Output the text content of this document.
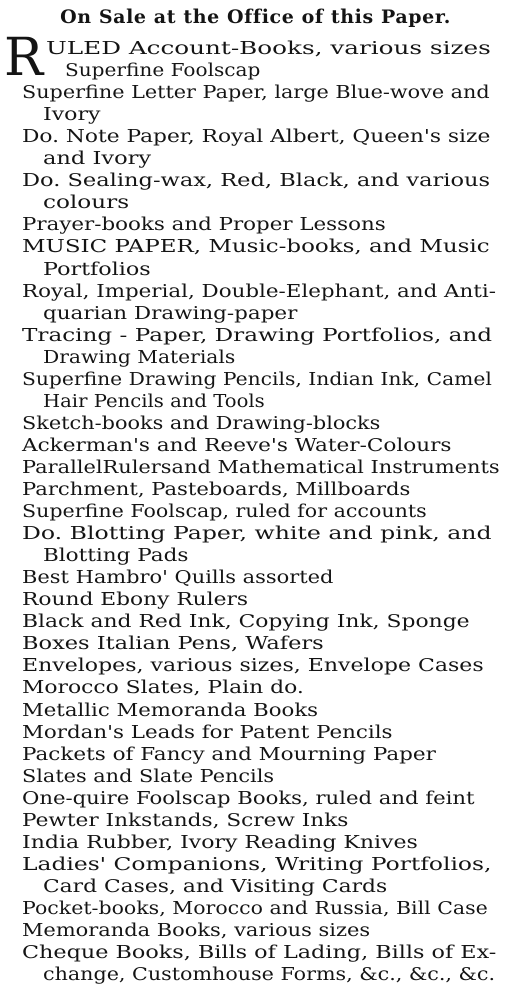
On Sale at the Office of this Paper.
R ULED Account-Books, various sizes
Superfine Foolscap
Superfine Letter Paper, large Blue-wove and
Ivory
Do. Note Paper, Royal Albert, Queen's size
and Ivory
Do. Sealing-wax, Red, Black, and various
colours
Prayer-books and Proper Lessons
MUSIC PAPER, Music-books, and Music
Portfolios
Royal, Imperial, Double-Elephant, and Anti-
quarian Drawing-paper
Tracing - Paper, Drawing Portfolios, and
Drawing Materials
Superfine Drawing Pencils, Indian Ink, Camel
Hair Pencils and Tools
Sketch-books and Drawing-blocks
Ackerman's and Reeve's Water-Colours
ParallelRulersand Mathematical Instruments
Parchment, Pasteboards, Millboards
Superfine Foolscap, ruled for accounts
Do. Blotting Paper, white and pink, and
Blotting Pads
Best Hambro' Quills assorted
Round Ebony Rulers
Black and Red Ink, Copying Ink, Sponge
Boxes Italian Pens, Wafers
Envelopes, various sizes, Envelope Cases
Morocco Slates, Plain do.
Metallic Memoranda Books
Mordan's Leads for Patent Pencils
Packets of Fancy and Mourning Paper
Slates and Slate Pencils
One-quire Foolscap Books, ruled and feint
Pewter Inkstands, Screw Inks
India Rubber, Ivory Reading Knives
Ladies' Companions, Writing Portfolios,
Card Cases, and Visiting Cards
Pocket-books, Morocco and Russia, Bill Case
Memoranda Books, various sizes
Cheque Books, Bills of Lading, Bills of Ex-
change, Customhouse Forms, &c., &c., &c.
